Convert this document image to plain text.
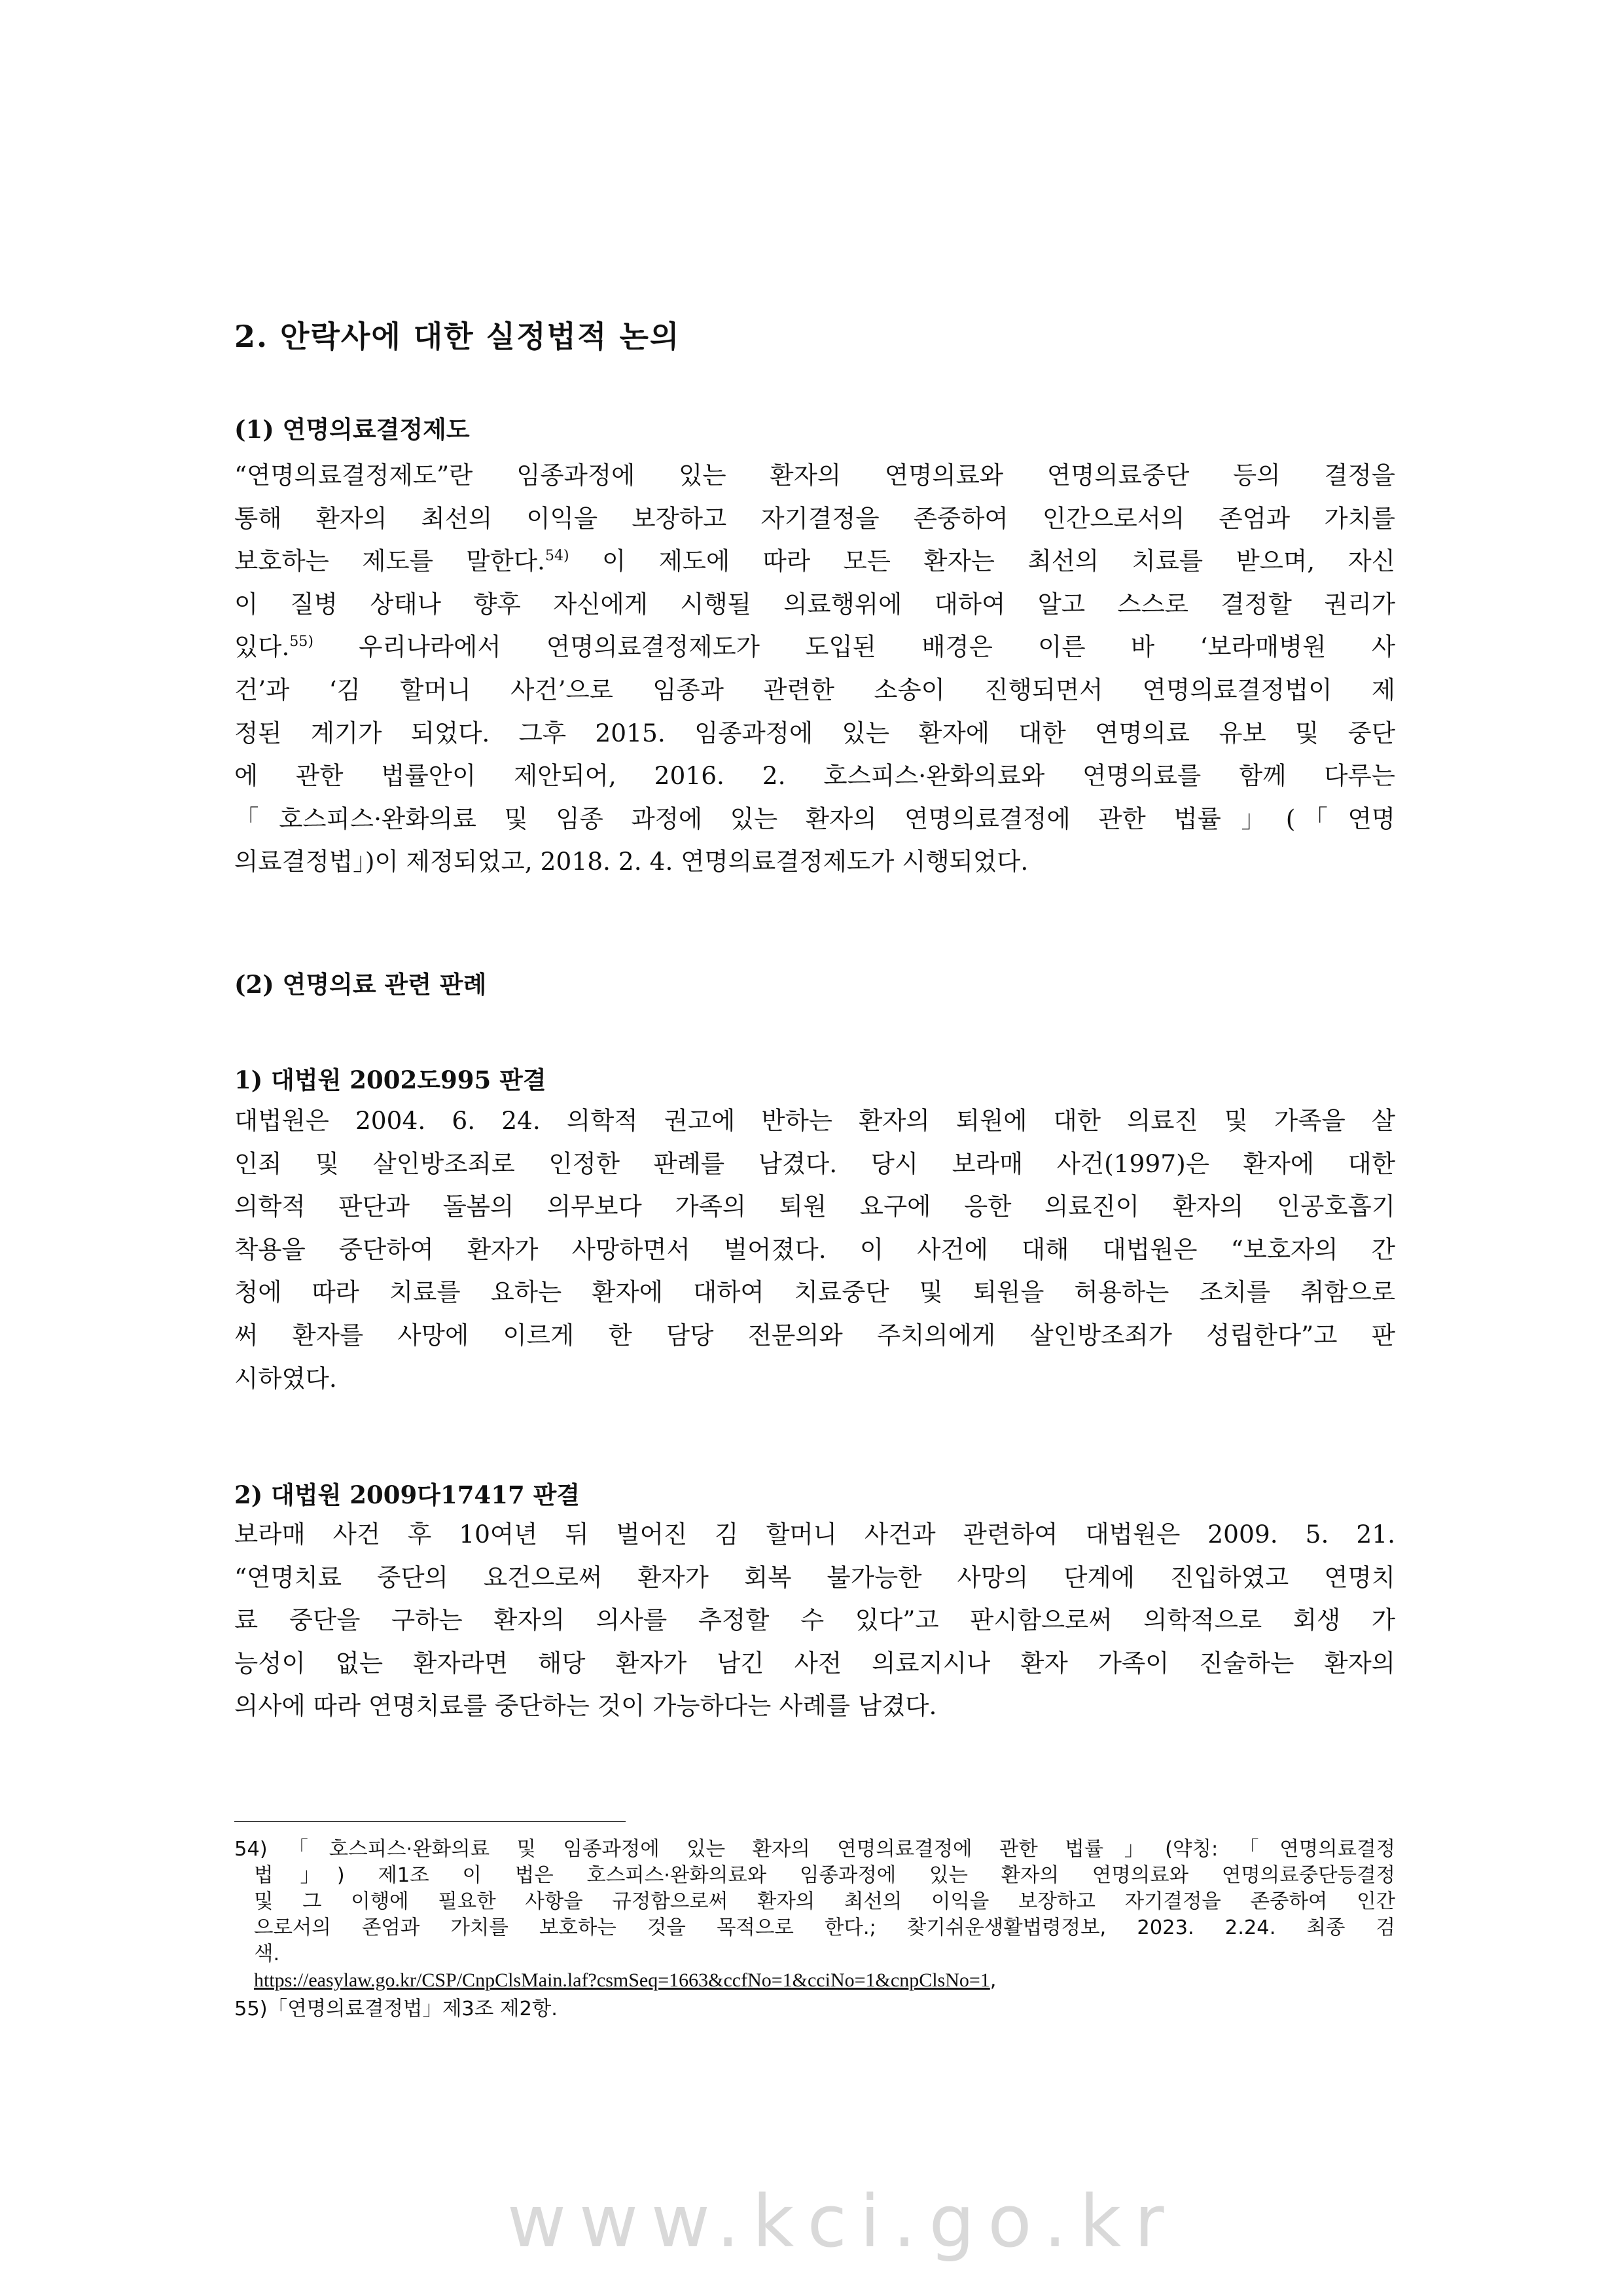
2. 안락사에 대한 실정법적 논의
(1) 연명의료결정제도
“연명의료결정제도”란 임종과정에 있는 환자의 연명의료와 연명의료중단 등의 결정을
통해 환자의 최선의 이익을 보장하고 자기결정을 존중하여 인간으로서의 존엄과 가치를
보호하는 제도를 말한다.$^{54)}$ 이 제도에 따라 모든 환자는 최선의 치료를 받으며, 자신
이 질병 상태나 향후 자신에게 시행될 의료행위에 대하여 알고 스스로 결정할 권리가
있다.$^{55)}$ 우리나라에서 연명의료결정제도가 도입된 배경은 이른 바 ‘보라매병원 사
건’과 ‘김 할머니 사건’으로 임종과 관련한 소송이 진행되면서 연명의료결정법이 제
정된 계기가 되었다. 그후 2015. 임종과정에 있는 환자에 대한 연명의료 유보 및 중단
에 관한 법률안이 제안되어, 2016. 2. 호스피스·완화의료와 연명의료를 함께 다루는
「호스피스·완화의료 및 임종 과정에 있는 환자의 연명의료결정에 관한 법률」(「연명
의료결정법」)이 제정되었고, 2018. 2. 4. 연명의료결정제도가 시행되었다.
(2) 연명의료 관련 판례
1) 대법원 2002도995 판결
대법원은 2004. 6. 24. 의학적 권고에 반하는 환자의 퇴원에 대한 의료진 및 가족을 살
인죄 및 살인방조죄로 인정한 판례를 남겼다. 당시 보라매 사건(1997)은 환자에 대한
의학적 판단과 돌봄의 의무보다 가족의 퇴원 요구에 응한 의료진이 환자의 인공호흡기
착용을 중단하여 환자가 사망하면서 벌어졌다. 이 사건에 대해 대법원은 “보호자의 간
청에 따라 치료를 요하는 환자에 대하여 치료중단 및 퇴원을 허용하는 조치를 취함으로
써 환자를 사망에 이르게 한 담당 전문의와 주치의에게 살인방조죄가 성립한다”고 판
시하였다.
2) 대법원 2009다17417 판결
보라매 사건 후 10여년 뒤 벌어진 김 할머니 사건과 관련하여 대법원은 2009. 5. 21.
“연명치료 중단의 요건으로써 환자가 회복 불가능한 사망의 단계에 진입하였고 연명치
료 중단을 구하는 환자의 의사를 추정할 수 있다”고 판시함으로써 의학적으로 회생 가
능성이 없는 환자라면 해당 환자가 남긴 사전 의료지시나 환자 가족이 진술하는 환자의
의사에 따라 연명치료를 중단하는 것이 가능하다는 사례를 남겼다.
54)「호스피스·완화의료 및 임종과정에 있는 환자의 연명의료결정에 관한 법률」(약칭:「연명의료결정
법」) 제1조 이 법은 호스피스·완화의료와 임종과정에 있는 환자의 연명의료와 연명의료중단등결정
및 그 이행에 필요한 사항을 규정함으로써 환자의 최선의 이익을 보장하고 자기결정을 존중하여 인간
으로서의 존엄과 가치를 보호하는 것을 목적으로 한다.; 찾기쉬운생활법령정보, 2023. 2.24. 최종 검
색.
https://easylaw.go.kr/CSP/CnpClsMain.laf?csmSeq=1663&ccfNo=1&cciNo=1&cnpClsNo=1,
55)「연명의료결정법」제3조 제2항.
www.kci.go.kr
